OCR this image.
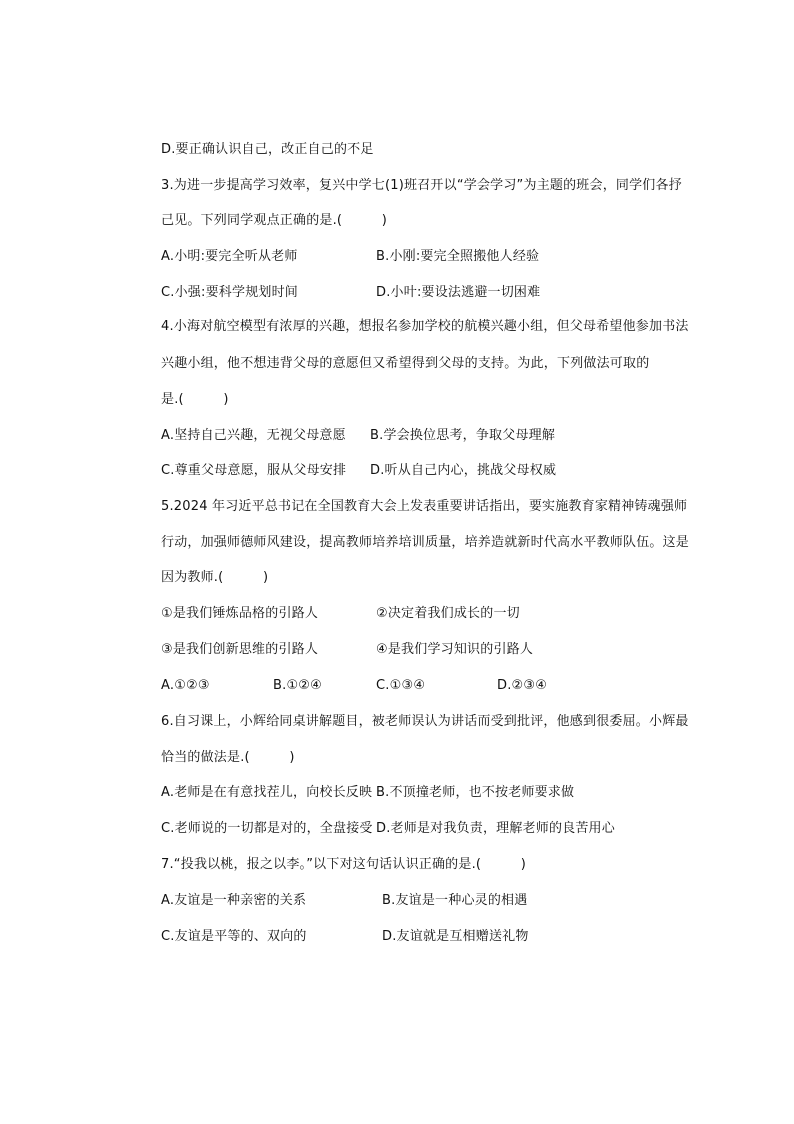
D.要正确认识自己，改正自己的不足
3.为进一步提高学习效率，复兴中学七(1)班召开以“学会学习”为主题的班会，同学们各抒
己见。下列同学观点正确的是.(　　　)
A.小明:要完全听从老师	B.小刚:要完全照搬他人经验
C.小强:要科学规划时间	D.小叶:要设法逃避一切困难
4.小海对航空模型有浓厚的兴趣，想报名参加学校的航模兴趣小组，但父母希望他参加书法
兴趣小组，他不想违背父母的意愿但又希望得到父母的支持。为此，下列做法可取的
是.(　　　)
A.坚持自己兴趣，无视父母意愿 B.学会换位思考，争取父母理解
C.尊重父母意愿，服从父母安排 D.听从自己内心，挑战父母权威
5.2024 年习近平总书记在全国教育大会上发表重要讲话指出，要实施教育家精神铸魂强师
行动，加强师德师风建设，提高教师培养培训质量，培养造就新时代高水平教师队伍。这是
因为教师.(　　　)
①是我们锤炼品格的引路人	②决定着我们成长的一切
③是我们创新思维的引路人	④是我们学习知识的引路人
A.①②③	B.①②④	C.①③④	D.②③④
6.自习课上，小辉给同桌讲解题目，被老师误认为讲话而受到批评，他感到很委屈。小辉最
恰当的做法是.(　　　)
A.老师是在有意找茬儿，向校长反映 B.不顶撞老师，也不按老师要求做
C.老师说的一切都是对的，全盘接受 D.老师是对我负责，理解老师的良苦用心
7.“投我以桃，报之以李。”以下对这句话认识正确的是.(　　　)
A.友谊是一种亲密的关系	B.友谊是一种心灵的相遇
C.友谊是平等的、双向的	D.友谊就是互相赠送礼物
